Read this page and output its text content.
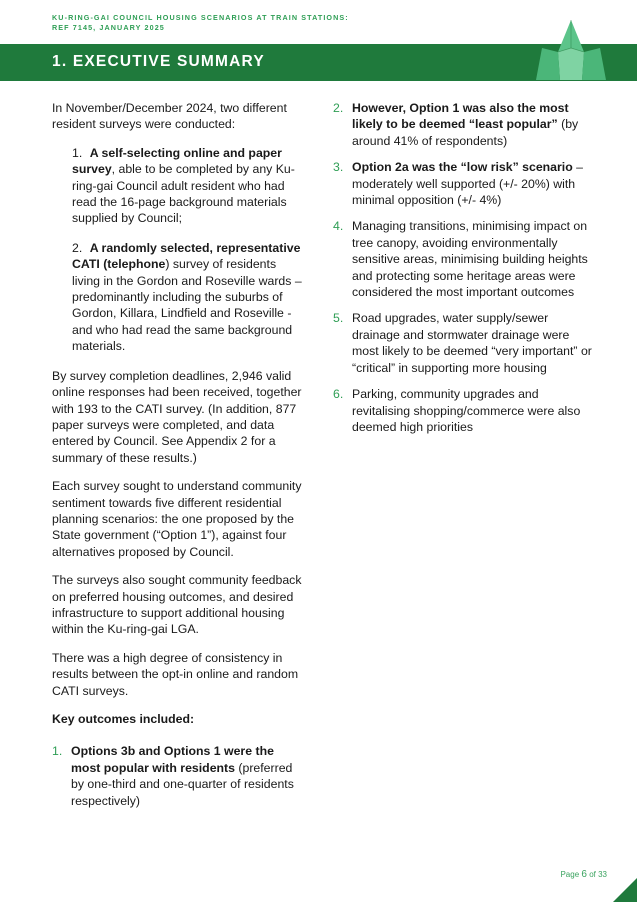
KU-RING-GAI COUNCIL HOUSING SCENARIOS AT TRAIN STATIONS: REF 7145, JANUARY 2025
1. EXECUTIVE SUMMARY

In November/December 2024, two different resident surveys were conducted:

1. A self-selecting online and paper survey, able to be completed by any Ku-ring-gai Council adult resident who had read the 16-page background materials supplied by Council;

2. A randomly selected, representative CATI (telephone) survey of residents living in the Gordon and Roseville wards – predominantly including the suburbs of Gordon, Killara, Lindfield and Roseville - and who had read the same background materials.

By survey completion deadlines, 2,946 valid online responses had been received, together with 193 to the CATI survey. (In addition, 877 paper surveys were completed, and data entered by Council. See Appendix 2 for a summary of these results.)

Each survey sought to understand community sentiment towards five different residential planning scenarios: the one proposed by the State government (“Option 1”), against four alternatives proposed by Council.

The surveys also sought community feedback on preferred housing outcomes, and desired infrastructure to support additional housing within the Ku-ring-gai LGA.

There was a high degree of consistency in results between the opt-in online and random CATI surveys.

Key outcomes included:

1. Options 3b and Options 1 were the most popular with residents (preferred by one-third and one-quarter of residents respectively)
2. However, Option 1 was also the most likely to be deemed “least popular” (by around 41% of respondents)
3. Option 2a was the “low risk” scenario – moderately well supported (+/- 20%) with minimal opposition (+/- 4%)
4. Managing transitions, minimising impact on tree canopy, avoiding environmentally sensitive areas, minimising building heights and protecting some heritage areas were considered the most important outcomes
5. Road upgrades, water supply/sewer drainage and stormwater drainage were most likely to be deemed “very important” or “critical” in supporting more housing
6. Parking, community upgrades and revitalising shopping/commerce were also deemed high priorities
Page 6 of 33
